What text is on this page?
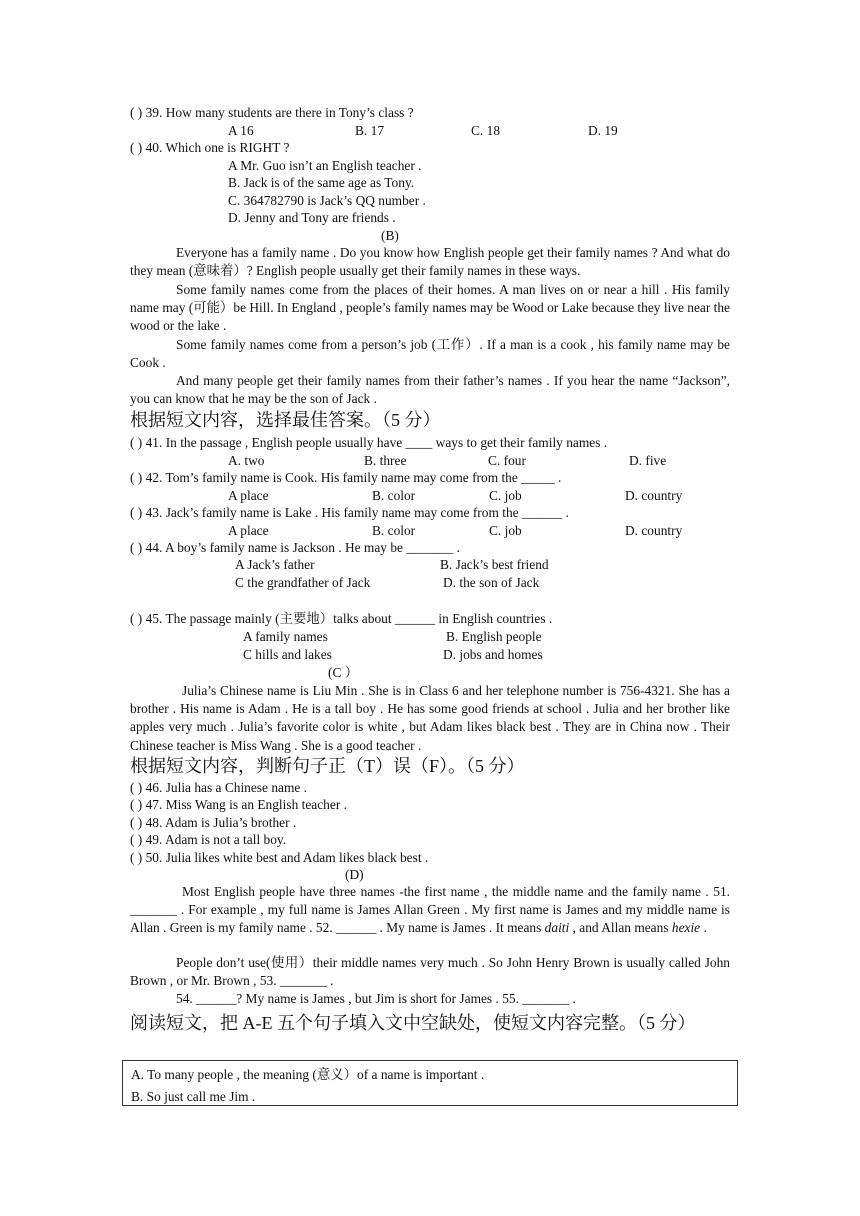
( ) 39. How many students are there in Tony’s class ?
A 16	B. 17	C. 18	D. 19
( ) 40. Which one is RIGHT ?
A Mr. Guo isn’t an English teacher .
B. Jack is of the same age as Tony.
C. 364782790 is Jack’s QQ number .
D. Jenny and Tony are friends .
(B)
Everyone has a family name . Do you know how English people get their family names ? And what do they mean (意味着）? English people usually get their family names in these ways.
Some family names come from the places of their homes. A man lives on or near a hill . His family name may (可能）be Hill. In England , people’s family names may be Wood or Lake because they live near the wood or the lake .
Some family names come from a person’s job (工作）. If a man is a cook , his family name may be Cook .
And many people get their family names from their father’s names . If you hear the name “Jackson”, you can know that he may be the son of Jack .
根据短文内容，选择最佳答案。（5 分）
( ) 41. In the passage , English people usually have ____ ways to get their family names .
A. two	B. three	C. four	D. five
( ) 42. Tom’s family name is Cook. His family name may come from the _____ .
A place	B. color	C. job	D. country
( ) 43. Jack’s family name is Lake . His family name may come from the ______ .
A place	B. color	C. job	D. country
( ) 44. A boy’s family name is Jackson . He may be _______ .
A Jack’s father	B. Jack’s best friend
C the grandfather of Jack	D. the son of Jack
( ) 45. The passage mainly (主要地）talks about ______ in English countries .
A family names	B. English people
C hills and lakes	D. jobs and homes
(C ）
Julia’s Chinese name is Liu Min . She is in Class 6 and her telephone number is 756-4321. She has a brother . His name is Adam . He is a tall boy . He has some good friends at school . Julia and her brother like apples very much . Julia’s favorite color is white , but Adam likes black best . They are in China now . Their Chinese teacher is Miss Wang . She is a good teacher .
根据短文内容，判断句子正（T）误（F）。（5 分）
( ) 46. Julia has a Chinese name .
( ) 47. Miss Wang is an English teacher .
( ) 48. Adam is Julia’s brother .
( ) 49. Adam is not a tall boy.
( ) 50. Julia likes white best and Adam likes black best .
(D)
Most English people have three names -the first name , the middle name and the family name . 51. _______ . For example , my full name is James Allan Green . My first name is James and my middle name is Allan . Green is my family name . 52. ______ . My name is James . It means daiti , and Allan means hexie .
People don’t use(使用）their middle names very much . So John Henry Brown is usually called John Brown , or Mr. Brown , 53. _______ .
54. ______? My name is James , but Jim is short for James . 55. _______ .
阅读短文，把 A-E 五个句子填入文中空缺处，使短文内容完整。（5 分）
A. To many people , the meaning (意义）of a name is important .
B. So just call me Jim .
